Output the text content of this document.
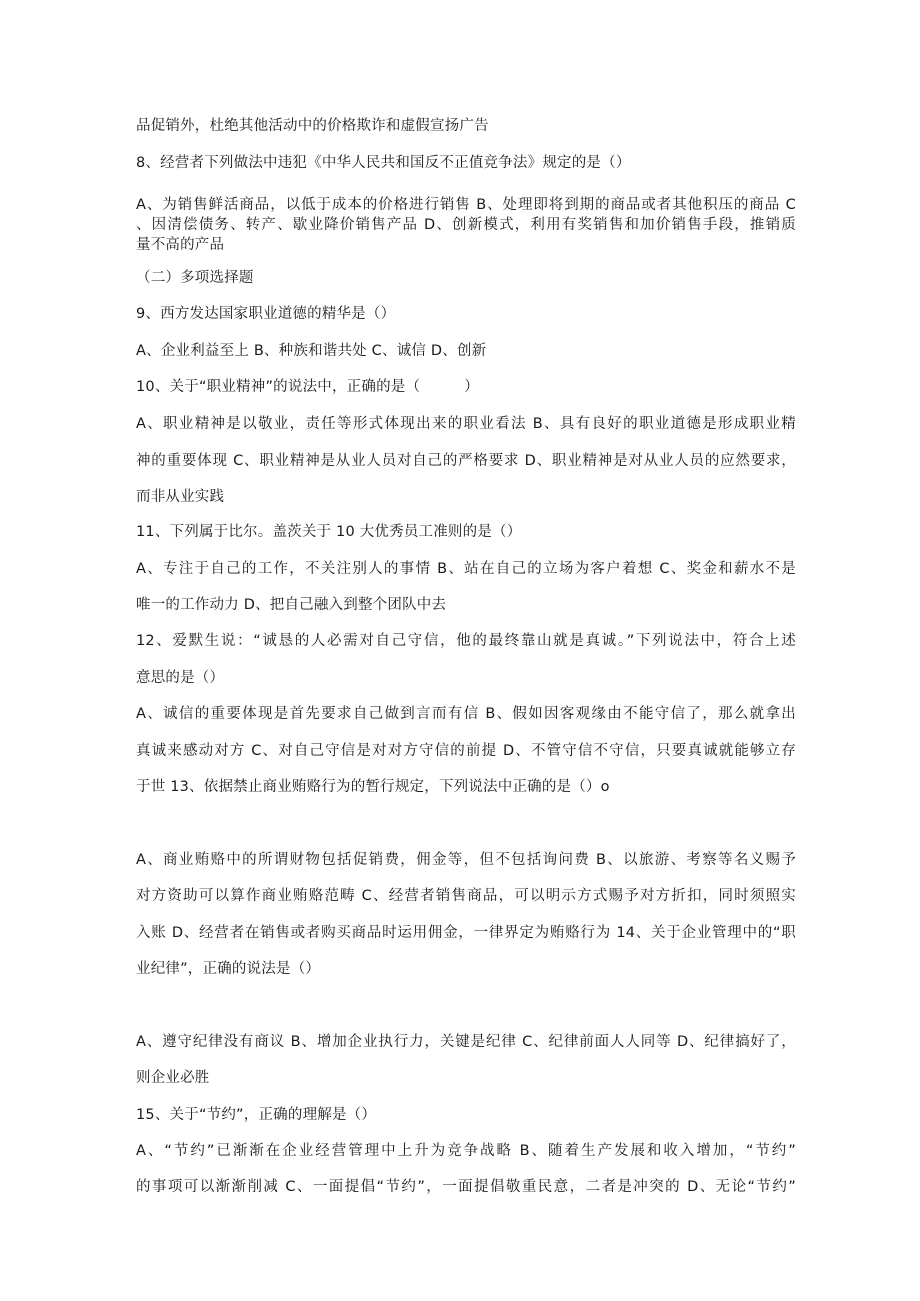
品促销外，杜绝其他活动中的价格欺诈和虚假宣扬广告
8、经营者下列做法中违犯《中华人民共和国反不正值竞争法》规定的是（）
A、为销售鲜活商品，以低于成本的价格进行销售 B、处理即将到期的商品或者其他积压的商品 C
、因清偿债务、转产、歇业降价销售产品 D、创新模式，利用有奖销售和加价销售手段，推销质
量不高的产品
（二）多项选择题
9、西方发达国家职业道德的精华是（）
A、企业利益至上 B、种族和谐共处 C、诚信 D、创新
10、关于“职业精神”的说法中，正确的是（　　　）
A、职业精神是以敬业，责任等形式体现出来的职业看法 B、具有良好的职业道德是形成职业精
神的重要体现 C、职业精神是从业人员对自己的严格要求 D、职业精神是对从业人员的应然要求，
而非从业实践
11、下列属于比尔。盖茨关于 10 大优秀员工准则的是（）
A、专注于自己的工作，不关注别人的事情 B、站在自己的立场为客户着想 C、奖金和薪水不是
唯一的工作动力 D、把自己融入到整个团队中去
12、爱默生说：“诚恳的人必需对自己守信，他的最终靠山就是真诚。”下列说法中，符合上述
意思的是（）
A、诚信的重要体现是首先要求自己做到言而有信 B、假如因客观缘由不能守信了，那么就拿出
真诚来感动对方 C、对自己守信是对对方守信的前提 D、不管守信不守信，只要真诚就能够立存
于世 13、依据禁止商业贿赂行为的暂行规定，下列说法中正确的是（）o
A、商业贿赂中的所谓财物包括促销费，佣金等，但不包括询问费 B、以旅游、考察等名义赐予
对方资助可以算作商业贿赂范畴 C、经营者销售商品，可以明示方式赐予对方折扣，同时须照实
入账 D、经营者在销售或者购买商品时运用佣金，一律界定为贿赂行为 14、关于企业管理中的“职
业纪律”，正确的说法是（）
A、遵守纪律没有商议 B、增加企业执行力，关键是纪律 C、纪律前面人人同等 D、纪律搞好了，
则企业必胜
15、关于“节约”，正确的理解是（）
A、“节约”已渐渐在企业经营管理中上升为竞争战略 B、随着生产发展和收入增加，“节约”
的事项可以渐渐削减 C、一面提倡“节约”，一面提倡敬重民意，二者是冲突的 D、无论“节约”
